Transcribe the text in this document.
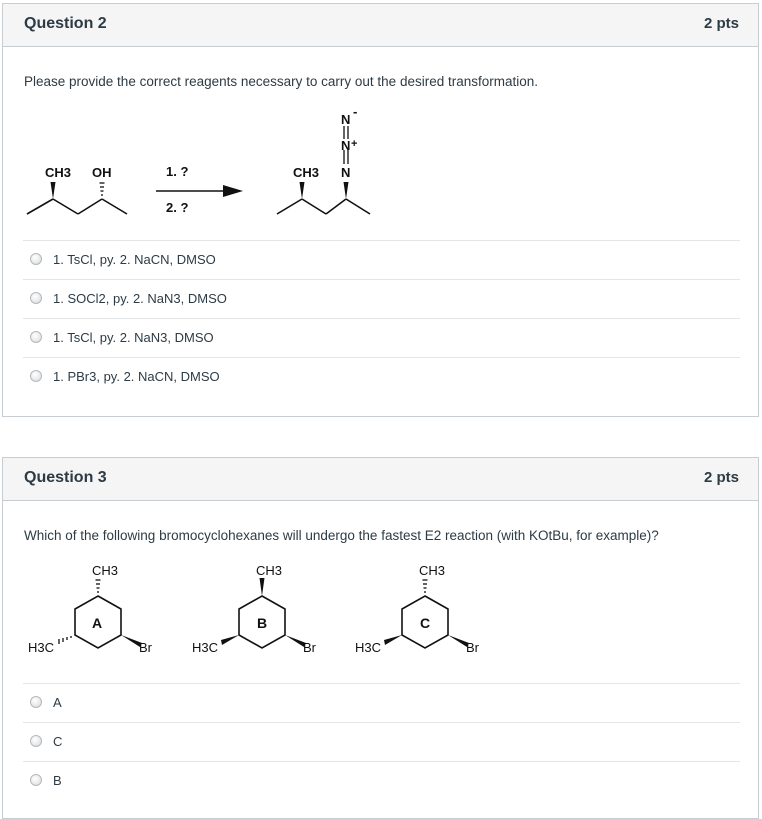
Question 2	2 pts
Please provide the correct reagents necessary to carry out the desired transformation.
CH3 OH	1. ?
2. ?
CH3 N
N +
N
-
1. TsCl, py. 2. NaCN, DMSO
1. SOCl2, py. 2. NaN3, DMSO
1. TsCl, py. 2. NaN3, DMSO
1. PBr3, py. 2. NaCN, DMSO
Question 3	2 pts
Which of the following bromocyclohexanes will undergo the fastest E2 reaction (with KOtBu, for example)?
A
CH3
H3C	Br
B
CH3
H3C	Br
C
CH3
H3C	Br
A
C
B
